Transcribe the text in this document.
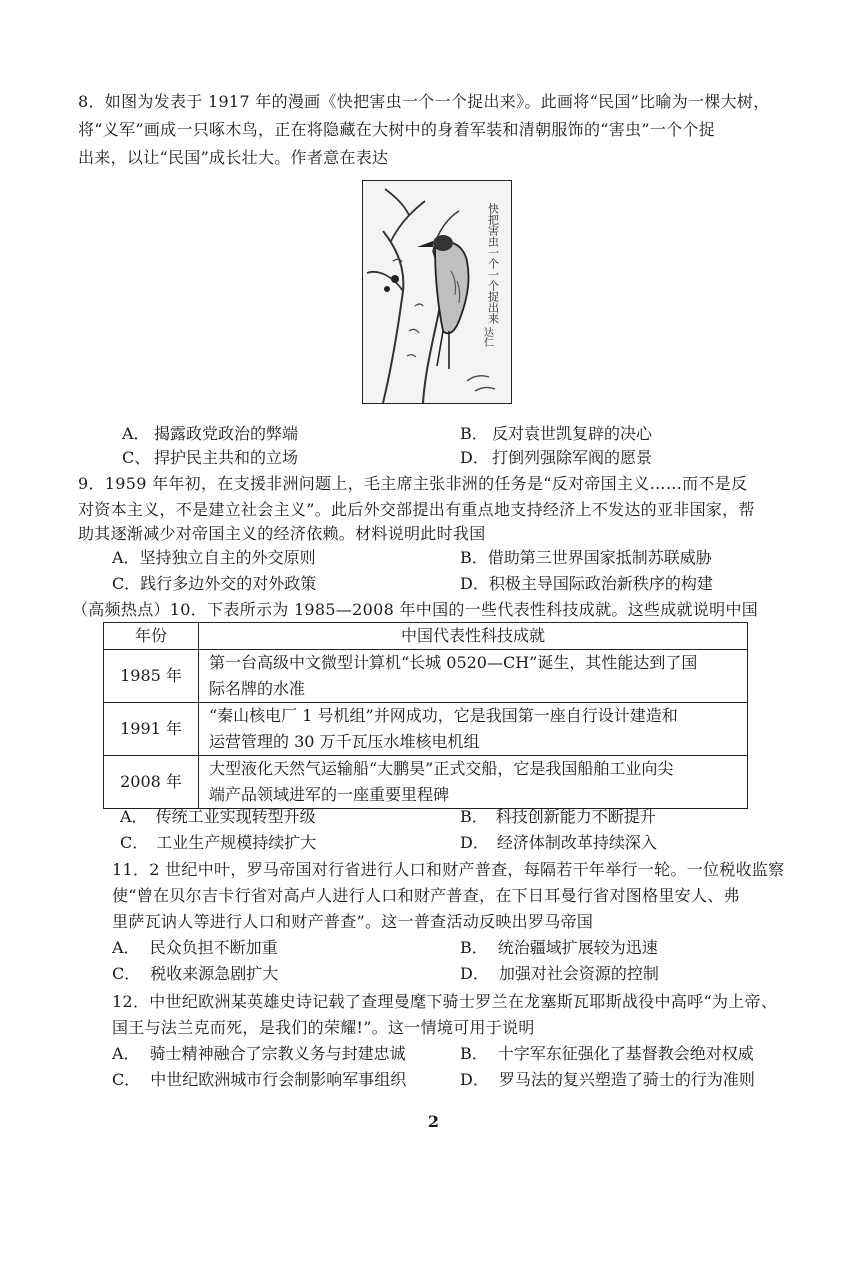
8．如图为发表于 1917 年的漫画《快把害虫一个一个捉出来》。此画将“民国”比喻为一棵大树，
将“义军”画成一只啄木鸟，正在将隐藏在大树中的身着军装和清朝服饰的“害虫”一个个捉
出来，以让“民国”成长壮大。作者意在表达
快把害虫一个一个捉出来
达仁
A． 揭露政党政治的弊端	B． 反对袁世凯复辟的决心
C、 捍护民主共和的立场	D． 打倒列强除军阀的愿景
9．1959 年年初，在支援非洲问题上，毛主席主张非洲的任务是“反对帝国主义……而不是反
对资本主义，不是建立社会主义”。此后外交部提出有重点地支持经济上不发达的亚非国家，帮
助其逐渐减少对帝国主义的经济依赖。材料说明此时我国
A．坚持独立自主的外交原则	B．借助第三世界国家抵制苏联威胁
C．践行多边外交的对外政策	D．积极主导国际政治新秩序的构建
（高频热点）10．下表所示为 1985—2008 年中国的一些代表性科技成就。这些成就说明中国
年份	中国代表性科技成就
1985 年	第一台高级中文微型计算机“长城 0520—CH”诞生，其性能达到了国
际名牌的水准

1991 年	“秦山核电厂 1 号机组”并网成功，它是我国第一座自行设计建造和
运营管理的 30 万千瓦压水堆核电机组

2008 年	大型液化天然气运输船“大鹏昊”正式交船，它是我国船舶工业向尖
端产品领域进军的一座重要里程碑
A． 传统工业实现转型升级	B． 科技创新能力不断提升
C． 工业生产规模持续扩大	D． 经济体制改革持续深入
11．2 世纪中叶，罗马帝国对行省进行人口和财产普查，每隔若干年举行一轮。一位税收监察
使“曾在贝尔吉卡行省对高卢人进行人口和财产普查，在下日耳曼行省对图格里安人、弗
里萨瓦讷人等进行人口和财产普查”。这一普查活动反映出罗马帝国
A． 民众负担不断加重	B． 统治疆域扩展较为迅速
C． 税收来源急剧扩大	D． 加强对社会资源的控制
12．中世纪欧洲某英雄史诗记载了查理曼麾下骑士罗兰在龙塞斯瓦耶斯战役中高呼“为上帝、
国王与法兰克而死，是我们的荣耀!”。这一情境可用于说明
A． 骑士精神融合了宗教义务与封建忠诚	B． 十字军东征强化了基督教会绝对权威
C． 中世纪欧洲城市行会制影响军事组织	D． 罗马法的复兴塑造了骑士的行为准则
2
